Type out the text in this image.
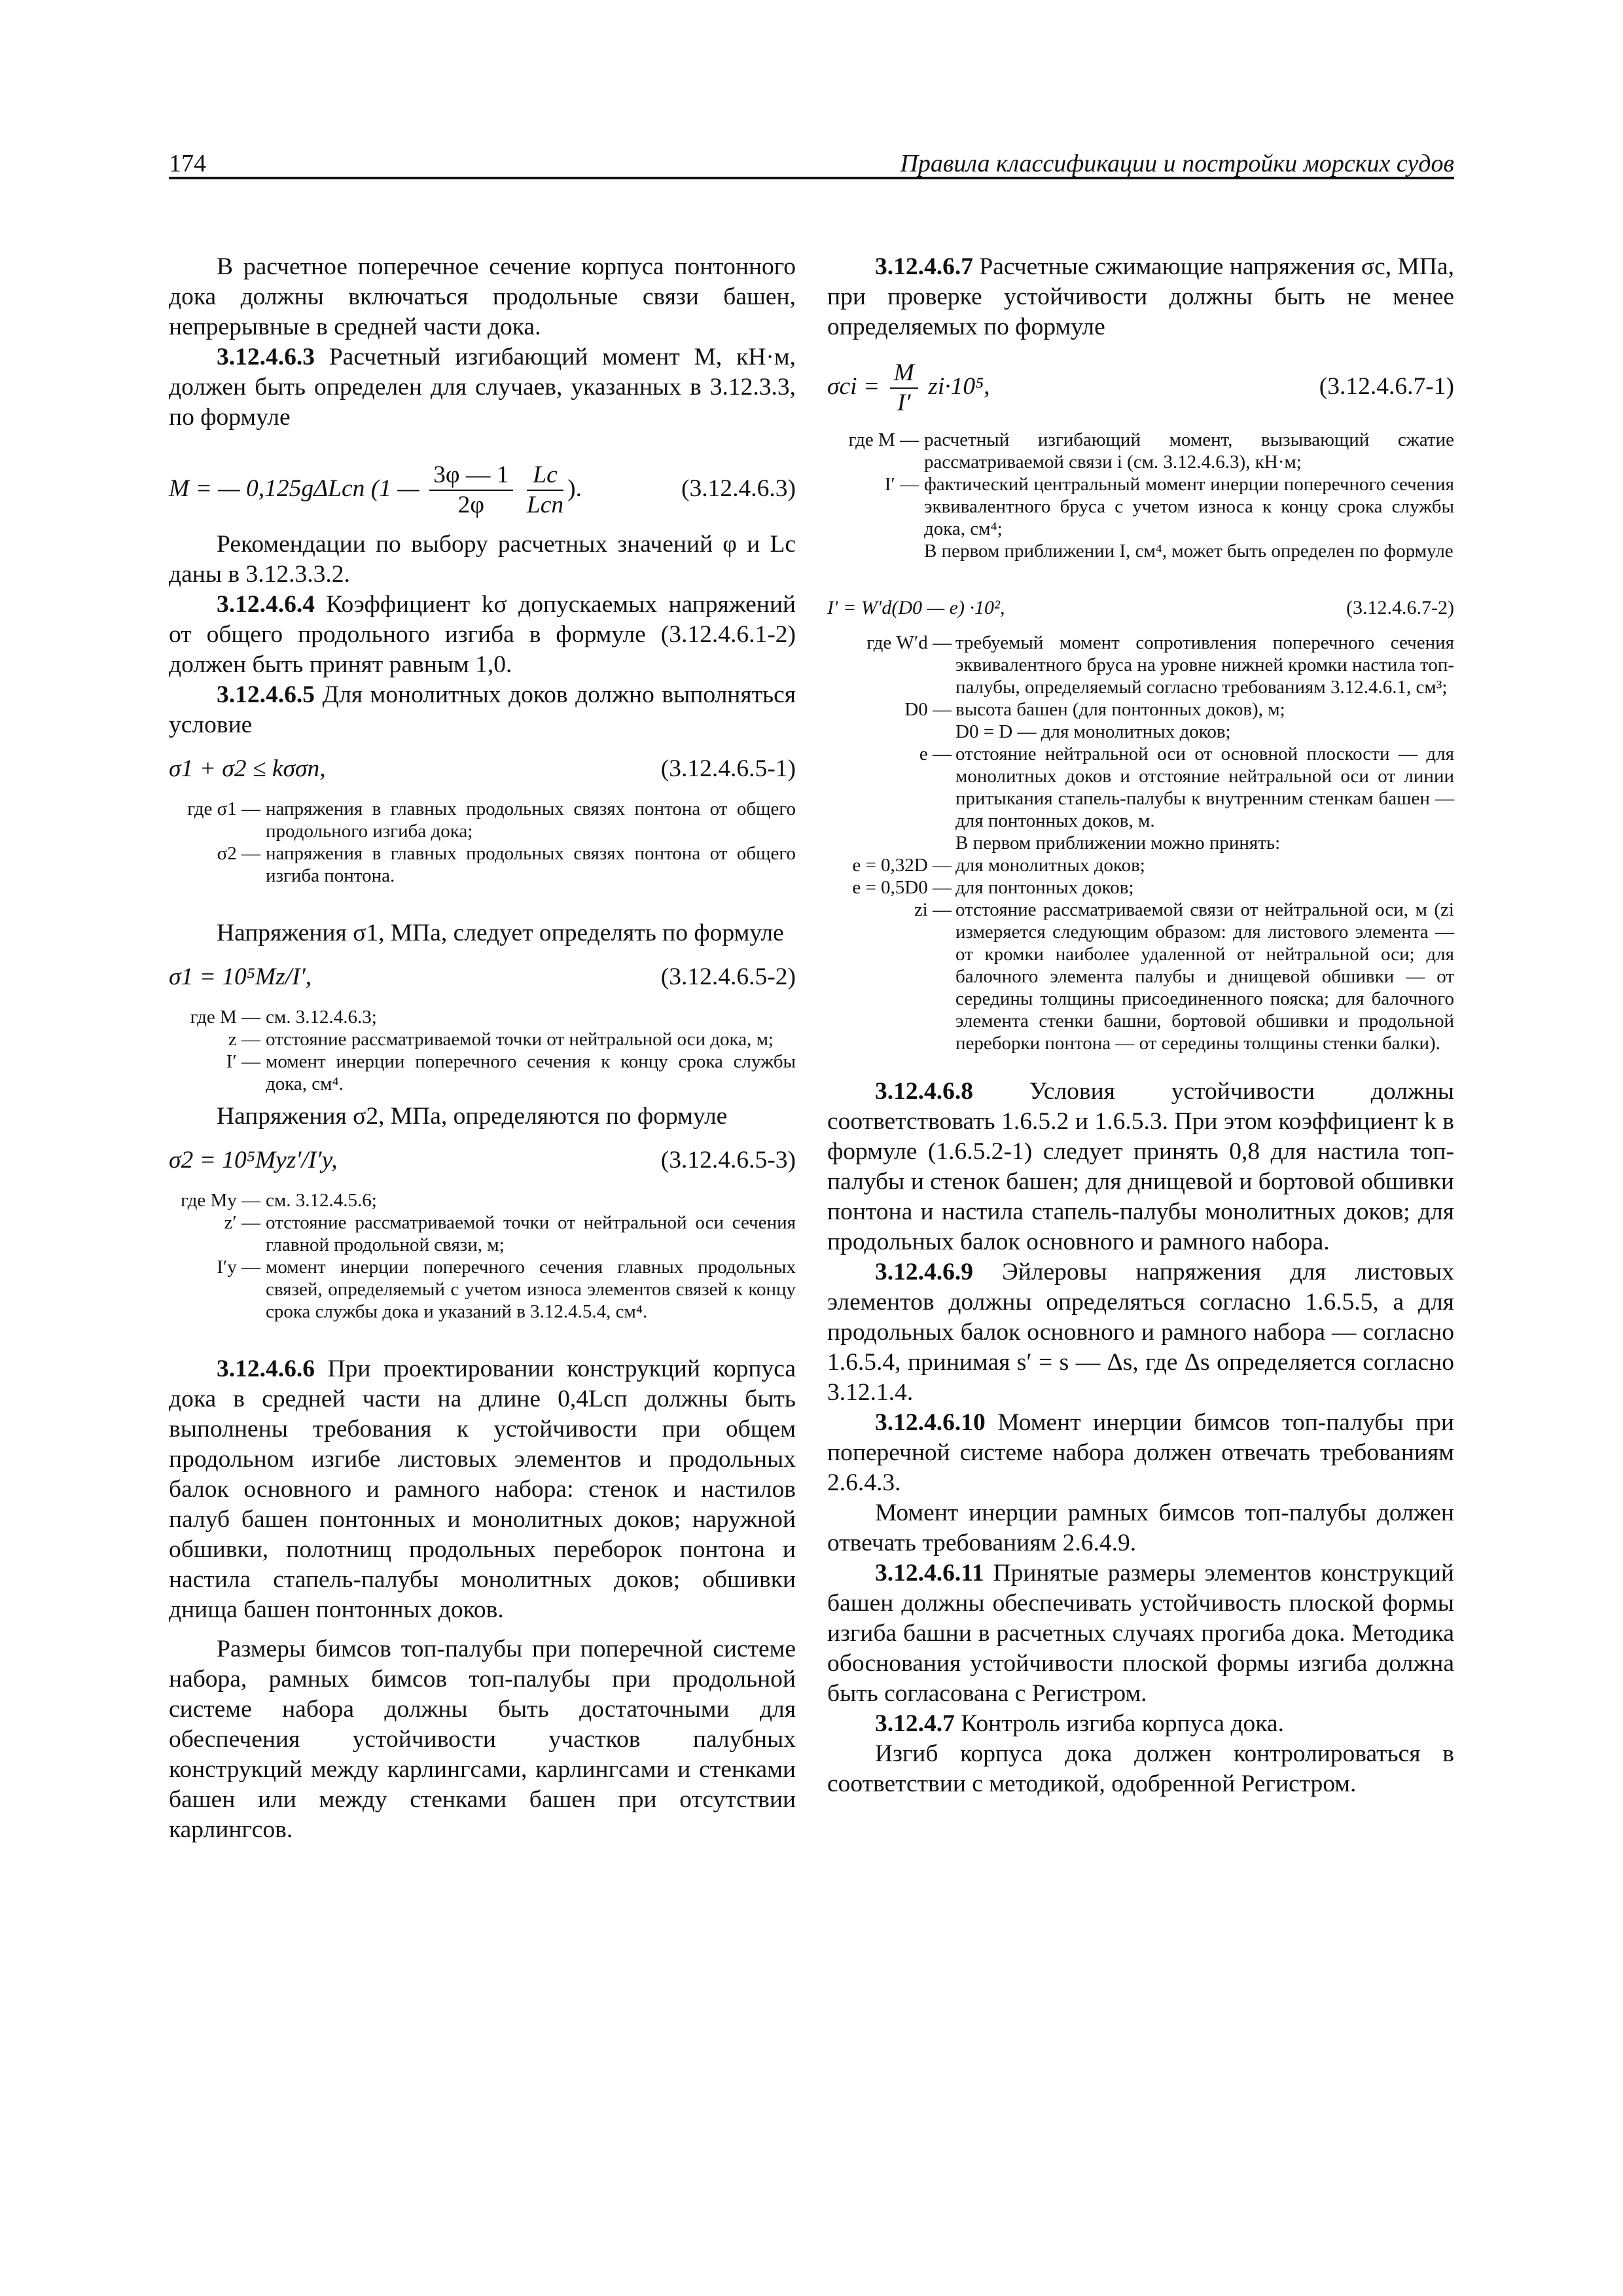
174	Правила классификации и постройки морских судов

В расчетное поперечное сечение корпуса понтонного дока должны включаться продольные связи башен, непрерывные в средней части дока.

3.12.4.6.3 Расчетный изгибающий момент M, кН·м, должен быть определен для случаев, указанных в 3.12.3.3, по формуле

M = — 0,125gΔLсп (1 — $\frac{3\varphi — 1}{2\varphi}$
$\frac{Lс}{\text{Lсп}}$ ).	(3.12.4.6.3)

Рекомендации по выбору расчетных значений φ и Lс даны в 3.12.3.3.2.

3.12.4.6.4 Коэффициент kσ допускаемых напряжений от общего продольного изгиба в формуле (3.12.4.6.1-2) должен быть принят равным 1,0.

3.12.4.6.5 Для монолитных доков должно выполняться условие

σ1 + σ2 ≤ kσσn,	(3.12.4.6.5-1)
где σ1 — напряжения в главных продольных связях понтона от общего продольного изгиба дока;
σ2 — напряжения в главных продольных связях понтона от общего изгиба понтона.

Напряжения σ1, МПа, следует определять по формуле

σ1 = 10⁵Mz/I′,	(3.12.4.6.5-2)
где M — см. 3.12.4.6.3;
z — отстояние рассматриваемой точки от нейтральной оси дока, м;
I′ — момент инерции поперечного сечения к концу срока службы дока, см⁴.

Напряжения σ2, МПа, определяются по формуле

σ2 = 10⁵Myz′/I′y,	(3.12.4.6.5-3)
где My — см. 3.12.4.5.6;
z′ — отстояние рассматриваемой точки от нейтральной оси сечения главной продольной связи, м;
I′y — момент инерции поперечного сечения главных продольных связей, определяемый с учетом износа элементов связей к концу срока службы дока и указаний в 3.12.4.5.4, см⁴.

3.12.4.6.6 При проектировании конструкций корпуса дока в средней части на длине 0,4Lсп должны быть выполнены требования к устойчивости при общем продольном изгибе листовых элементов и продольных балок основного и рамного набора: стенок и настилов палуб башен понтонных и монолитных доков; наружной обшивки, полотнищ продольных переборок понтона и настила стапель-палубы монолитных доков; обшивки днища башен понтонных доков.

Размеры бимсов топ-палубы при поперечной системе набора, рамных бимсов топ-палубы при продольной системе набора должны быть достаточными для обеспечения устойчивости участков палубных конструкций между карлингсами, карлингсами и стенками башен или между стенками башен при отсутствии карлингсов.

3.12.4.6.7 Расчетные сжимающие напряжения σс, МПа, при проверке устойчивости должны быть не менее определяемых по формуле

$\sigma ci = \frac{M}{I'} zi\cdot 10^5$,	(3.12.4.6.7-1)
где M — расчетный изгибающий момент, вызывающий сжатие рассматриваемой связи i (см. 3.12.4.6.3), кН·м;
I′ — фактический центральный момент инерции поперечного сечения эквивалентного бруса с учетом износа к концу срока службы дока, см⁴;
В первом приближении I, см⁴, может быть определен по формуле
I′ = W′d(D0 — e) ·10²,	(3.12.4.6.7-2)
где W′d — требуемый момент сопротивления поперечного сечения эквивалентного бруса на уровне нижней кромки настила топ-палубы, определяемый согласно требованиям 3.12.4.6.1, см³;
D0 — высота башен (для понтонных доков), м;
D0 = D — для монолитных доков;
e — отстояние нейтральной оси от основной плоскости — для монолитных доков и отстояние нейтральной оси от линии притыкания стапель-палубы к внутренним стенкам башен — для понтонных доков, м.
В первом приближении можно принять:
e = 0,32D — для монолитных доков;
e = 0,5D0 — для понтонных доков;
zi — отстояние рассматриваемой связи от нейтральной оси, м (zi измеряется следующим образом: для листового элемента — от кромки наиболее удаленной от нейтральной оси; для балочного элемента палубы и днищевой обшивки — от середины толщины присоединенного пояска; для балочного элемента стенки башни, бортовой обшивки и продольной переборки понтона — от середины толщины стенки балки).

3.12.4.6.8 Условия устойчивости должны соответствовать 1.6.5.2 и 1.6.5.3. При этом коэффициент k в формуле (1.6.5.2-1) следует принять 0,8 для настила топ-палубы и стенок башен; для днищевой и бортовой обшивки понтона и настила стапель-палубы монолитных доков; для продольных балок основного и рамного набора.

3.12.4.6.9 Эйлеровы напряжения для листовых элементов должны определяться согласно 1.6.5.5, а для продольных балок основного и рамного набора — согласно 1.6.5.4, принимая s′ = s — Δs, где Δs определяется согласно 3.12.1.4.

3.12.4.6.10 Момент инерции бимсов топ-палубы при поперечной системе набора должен отвечать требованиям 2.6.4.3.

Момент инерции рамных бимсов топ-палубы должен отвечать требованиям 2.6.4.9.

3.12.4.6.11 Принятые размеры элементов конструкций башен должны обеспечивать устойчивость плоской формы изгиба башни в расчетных случаях прогиба дока. Методика обоснования устойчивости плоской формы изгиба должна быть согласована с Регистром.

3.12.4.7 Контроль изгиба корпуса дока.

Изгиб корпуса дока должен контролироваться в соответствии с методикой, одобренной Регистром.
